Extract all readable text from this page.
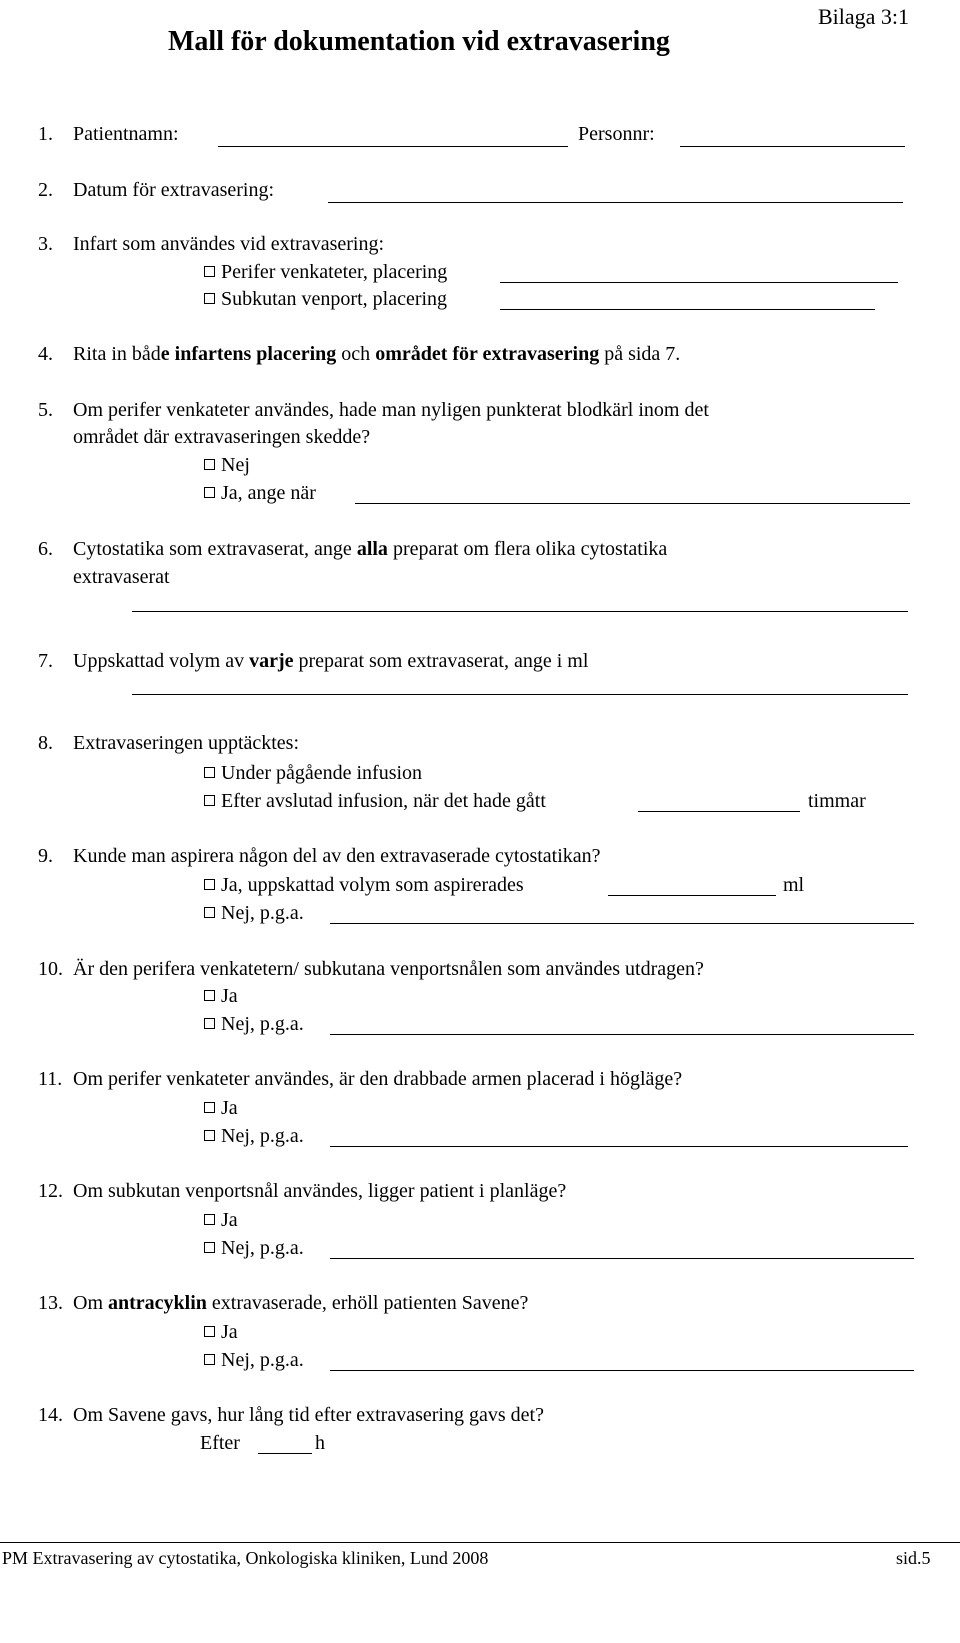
Bilaga 3:1
Mall för dokumentation vid extravasering
1. Patientnamn:	Personnr:
2. Datum för extravasering:
3. Infart som användes vid extravasering:
Perifer venkateter, placering
Subkutan venport, placering
4. Rita in både infartens placering och området för extravasering på sida 7.
5. Om perifer venkateter användes, hade man nyligen punkterat blodkärl inom det
området där extravaseringen skedde?
Nej
Ja, ange när
6. Cytostatika som extravaserat, ange alla preparat om flera olika cytostatika
extravaserat
7. Uppskattad volym av varje preparat som extravaserat, ange i ml
8. Extravaseringen upptäcktes:
Under pågående infusion
Efter avslutad infusion, när det hade gått	timmar
9. Kunde man aspirera någon del av den extravaserade cytostatikan?
Ja, uppskattad volym som aspirerades	ml
Nej, p.g.a.
10. Är den perifera venkatetern/ subkutana venportsnålen som användes utdragen?
Ja
Nej, p.g.a.
11. Om perifer venkateter användes, är den drabbade armen placerad i högläge?
Ja
Nej, p.g.a.
12. Om subkutan venportsnål användes, ligger patient i planläge?
Ja
Nej, p.g.a.
13. Om antracyklin extravaserade, erhöll patienten Savene?
Ja
Nej, p.g.a.
14. Om Savene gavs, hur lång tid efter extravasering gavs det?
Efter	h
PM Extravasering av cytostatika, Onkologiska kliniken, Lund 2008	sid.5
